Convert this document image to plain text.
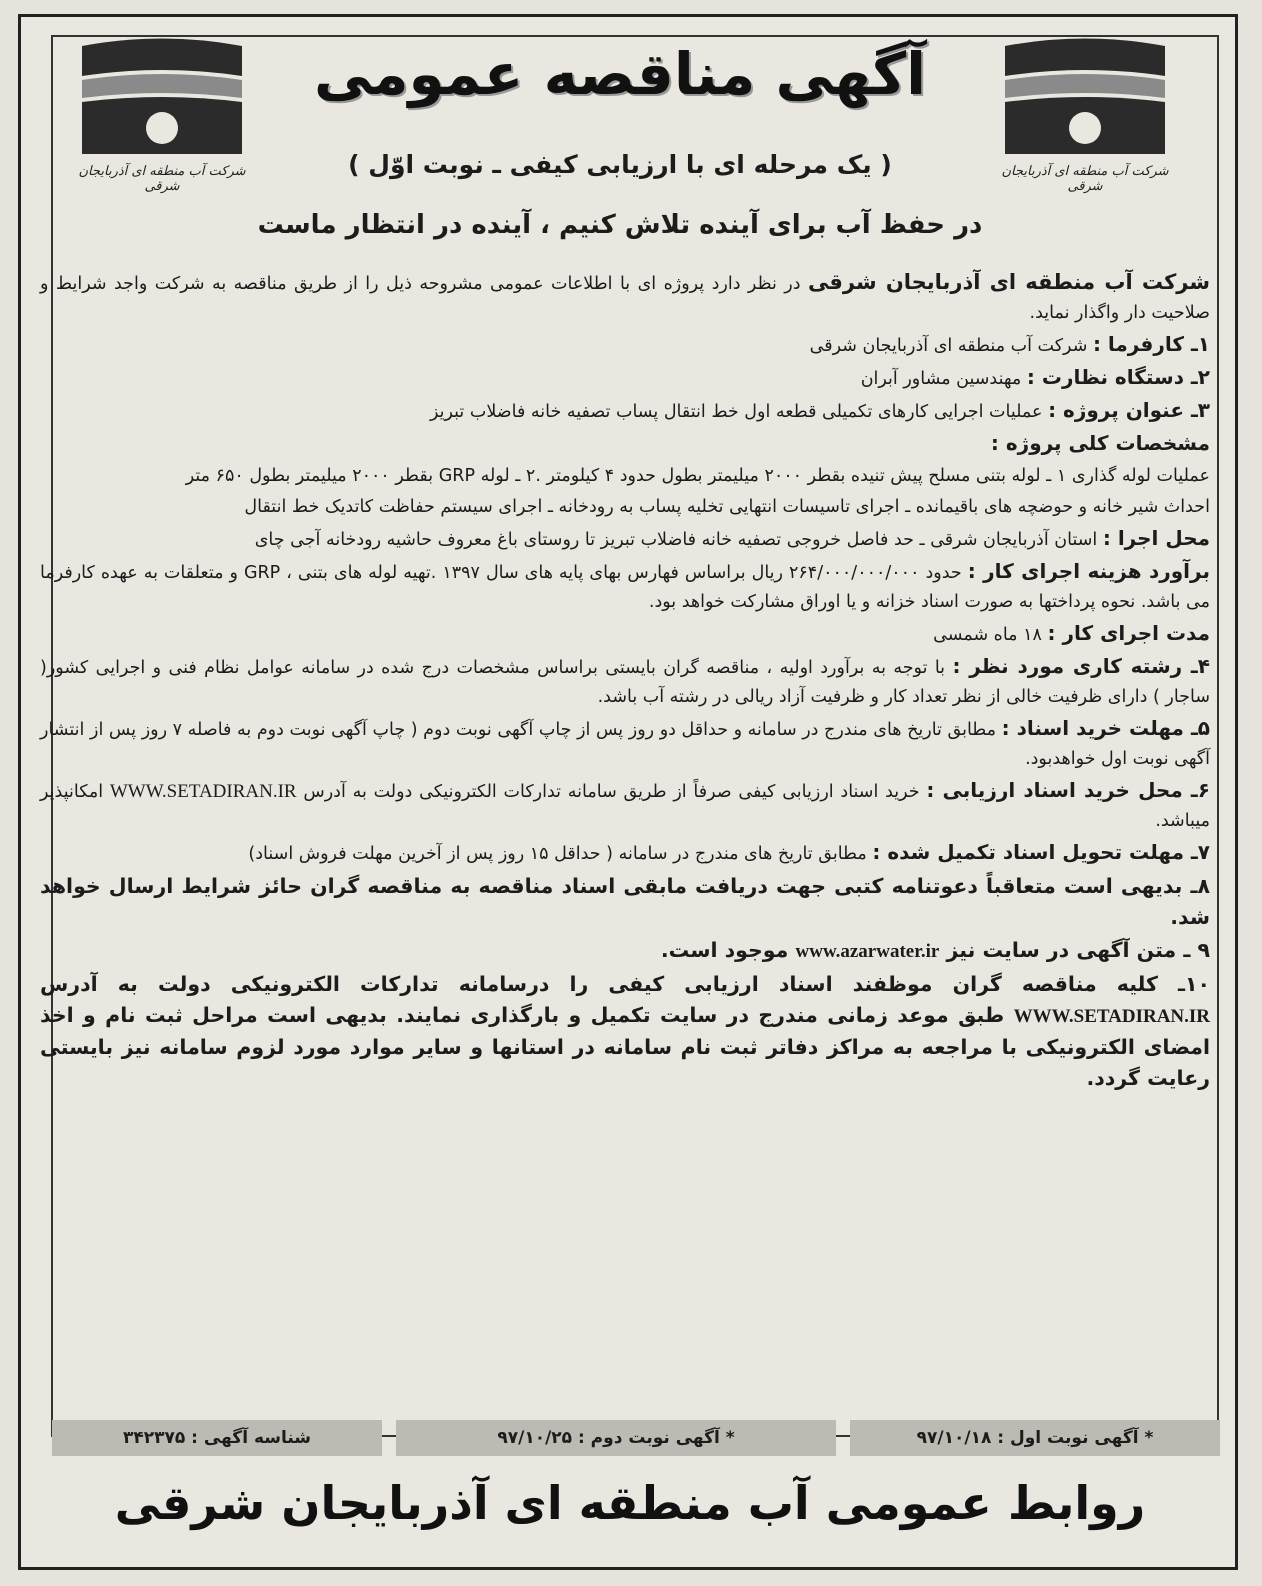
شرکت آب منطقه ای آذربایجان شرقی
شرکت آب منطقه ای آذربایجان شرقی
آگهی مناقصه عمومی
( یک مرحله ای با ارزیابی کیفی ـ نوبت اوّل )
در حفظ آب برای آینده تلاش کنیم ، آینده در انتظار ماست

شرکت آب منطقه ای آذربایجان شرقی در نظر دارد پروژه ای با اطلاعات عمومی مشروحه ذیل را از طریق مناقصه به شرکت واجد شرایط و صلاحیت دار واگذار نماید.

۱ـ کارفرما : شرکت آب منطقه ای آذربایجان شرقی

۲ـ دستگاه نظارت : مهندسین مشاور آبران

۳ـ عنوان پروژه : عملیات اجرایی کارهای تکمیلی قطعه اول خط انتقال پساب تصفیه خانه فاضلاب تبریز

مشخصات کلی پروژه :

عملیات لوله گذاری ۱ ـ لوله بتنی مسلح پیش تنیده بقطر ۲۰۰۰ میلیمتر بطول حدود ۴ کیلومتر .۲ ـ لوله GRP بقطر ۲۰۰۰ میلیمتر بطول ۶۵۰ متر

احداث شیر خانه و حوضچه های باقیمانده ـ اجرای تاسیسات انتهایی تخلیه پساب به رودخانه ـ اجرای سیستم حفاظت کاتدیک خط انتقال

محل اجرا : استان آذربایجان شرقی ـ حد فاصل خروجی تصفیه خانه فاضلاب تبریز تا روستای باغ معروف حاشیه رودخانه آجی چای

برآورد هزینه اجرای کار : حدود ۲۶۴/۰۰۰/۰۰۰/۰۰۰ ریال براساس فهارس بهای پایه های سال ۱۳۹۷ .تهیه لوله های بتنی ، GRP و متعلقات به عهده کارفرما می باشد. نحوه پرداختها به صورت اسناد خزانه و یا اوراق مشارکت خواهد بود.

مدت اجرای کار : ۱۸ ماه شمسی

۴ـ رشته کاری مورد نظر : با توجه به برآورد اولیه ، مناقصه گران بایستی براساس مشخصات درج شده در سامانه عوامل نظام فنی و اجرایی کشور( ساجار ) دارای ظرفیت خالی از نظر تعداد کار و ظرفیت آزاد ریالی در رشته آب باشد.

۵ـ مهلت خرید اسناد : مطابق تاریخ های مندرج در سامانه و حداقل دو روز پس از چاپ آگهی نوبت دوم ( چاپ آگهی نوبت دوم به فاصله ۷ روز پس از انتشار آگهی نوبت اول خواهدبود.

۶ـ محل خرید اسناد ارزیابی : خرید اسناد ارزیابی کیفی صرفاً از طریق سامانه تدارکات الکترونیکی دولت به آدرس WWW.SETADIRAN.IR امکانپذیر میباشد.

۷ـ مهلت تحویل اسناد تکمیل شده : مطابق تاریخ های مندرج در سامانه ( حداقل ۱۵ روز پس از آخرین مهلت فروش اسناد)

۸ـ بدیهی است متعاقباً دعوتنامه کتبی جهت دریافت مابقی اسناد مناقصه به مناقصه گران حائز شرایط ارسال خواهد شد.

۹ ـ متن آگهی در سایت نیز www.azarwater.ir موجود است.

۱۰ـ کلیه مناقصه گران موظفند اسناد ارزیابی کیفی را درسامانه تدارکات الکترونیکی دولت به آدرس WWW.SETADIRAN.IR طبق موعد زمانی مندرج در سایت تکمیل و بارگذاری نمایند. بدیهی است مراحل ثبت نام و اخذ امضای الکترونیکی با مراجعه به مراکز دفاتر ثبت نام سامانه در استانها و سایر موارد مورد لزوم سامانه نیز بایستی رعایت گردد.

* آگهی نوبت اول : ۹۷/۱۰/۱۸
* آگهی نوبت دوم : ۹۷/۱۰/۲۵
شناسه آگهی : ۳۴۲۳۷۵
روابط عمومی آب منطقه ای آذربایجان شرقی
